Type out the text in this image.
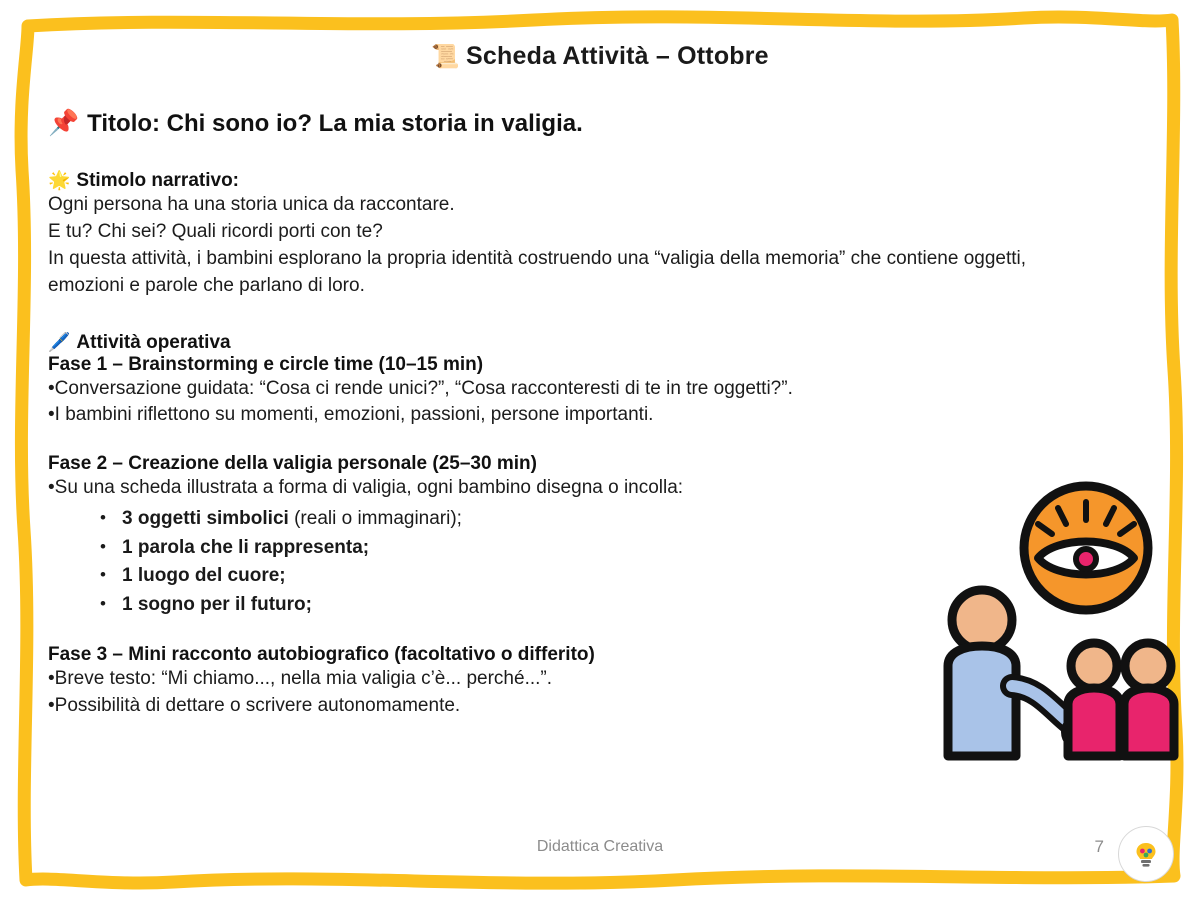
📜 Scheda Attività – Ottobre
📌 Titolo: Chi sono io? La mia storia in valigia.
🌟 Stimolo narrativo:
Ogni persona ha una storia unica da raccontare.
E tu? Chi sei? Quali ricordi porti con te?
In questa attività, i bambini esplorano la propria identità costruendo una “valigia della memoria” che contiene oggetti, emozioni e parole che parlano di loro.
🖊️ Attività operativa
Fase 1 – Brainstorming e circle time (10–15 min)
•Conversazione guidata: “Cosa ci rende unici?”, “Cosa racconteresti di te in tre oggetti?”.
•I bambini riflettono su momenti, emozioni, passioni, persone importanti.
Fase 2 – Creazione della valigia personale (25–30 min)
•Su una scheda illustrata a forma di valigia, ogni bambino disegna o incolla:
• 3 oggetti simbolici (reali o immaginari);
• 1 parola che li rappresenta;
• 1 luogo del cuore;
• 1 sogno per il futuro;
Fase 3 – Mini racconto autobiografico (facoltativo o differito)
•Breve testo: “Mi chiamo..., nella mia valigia c’è... perché...”.
•Possibilità di dettare o scrivere autonomamente.
Didattica Creativa	7
